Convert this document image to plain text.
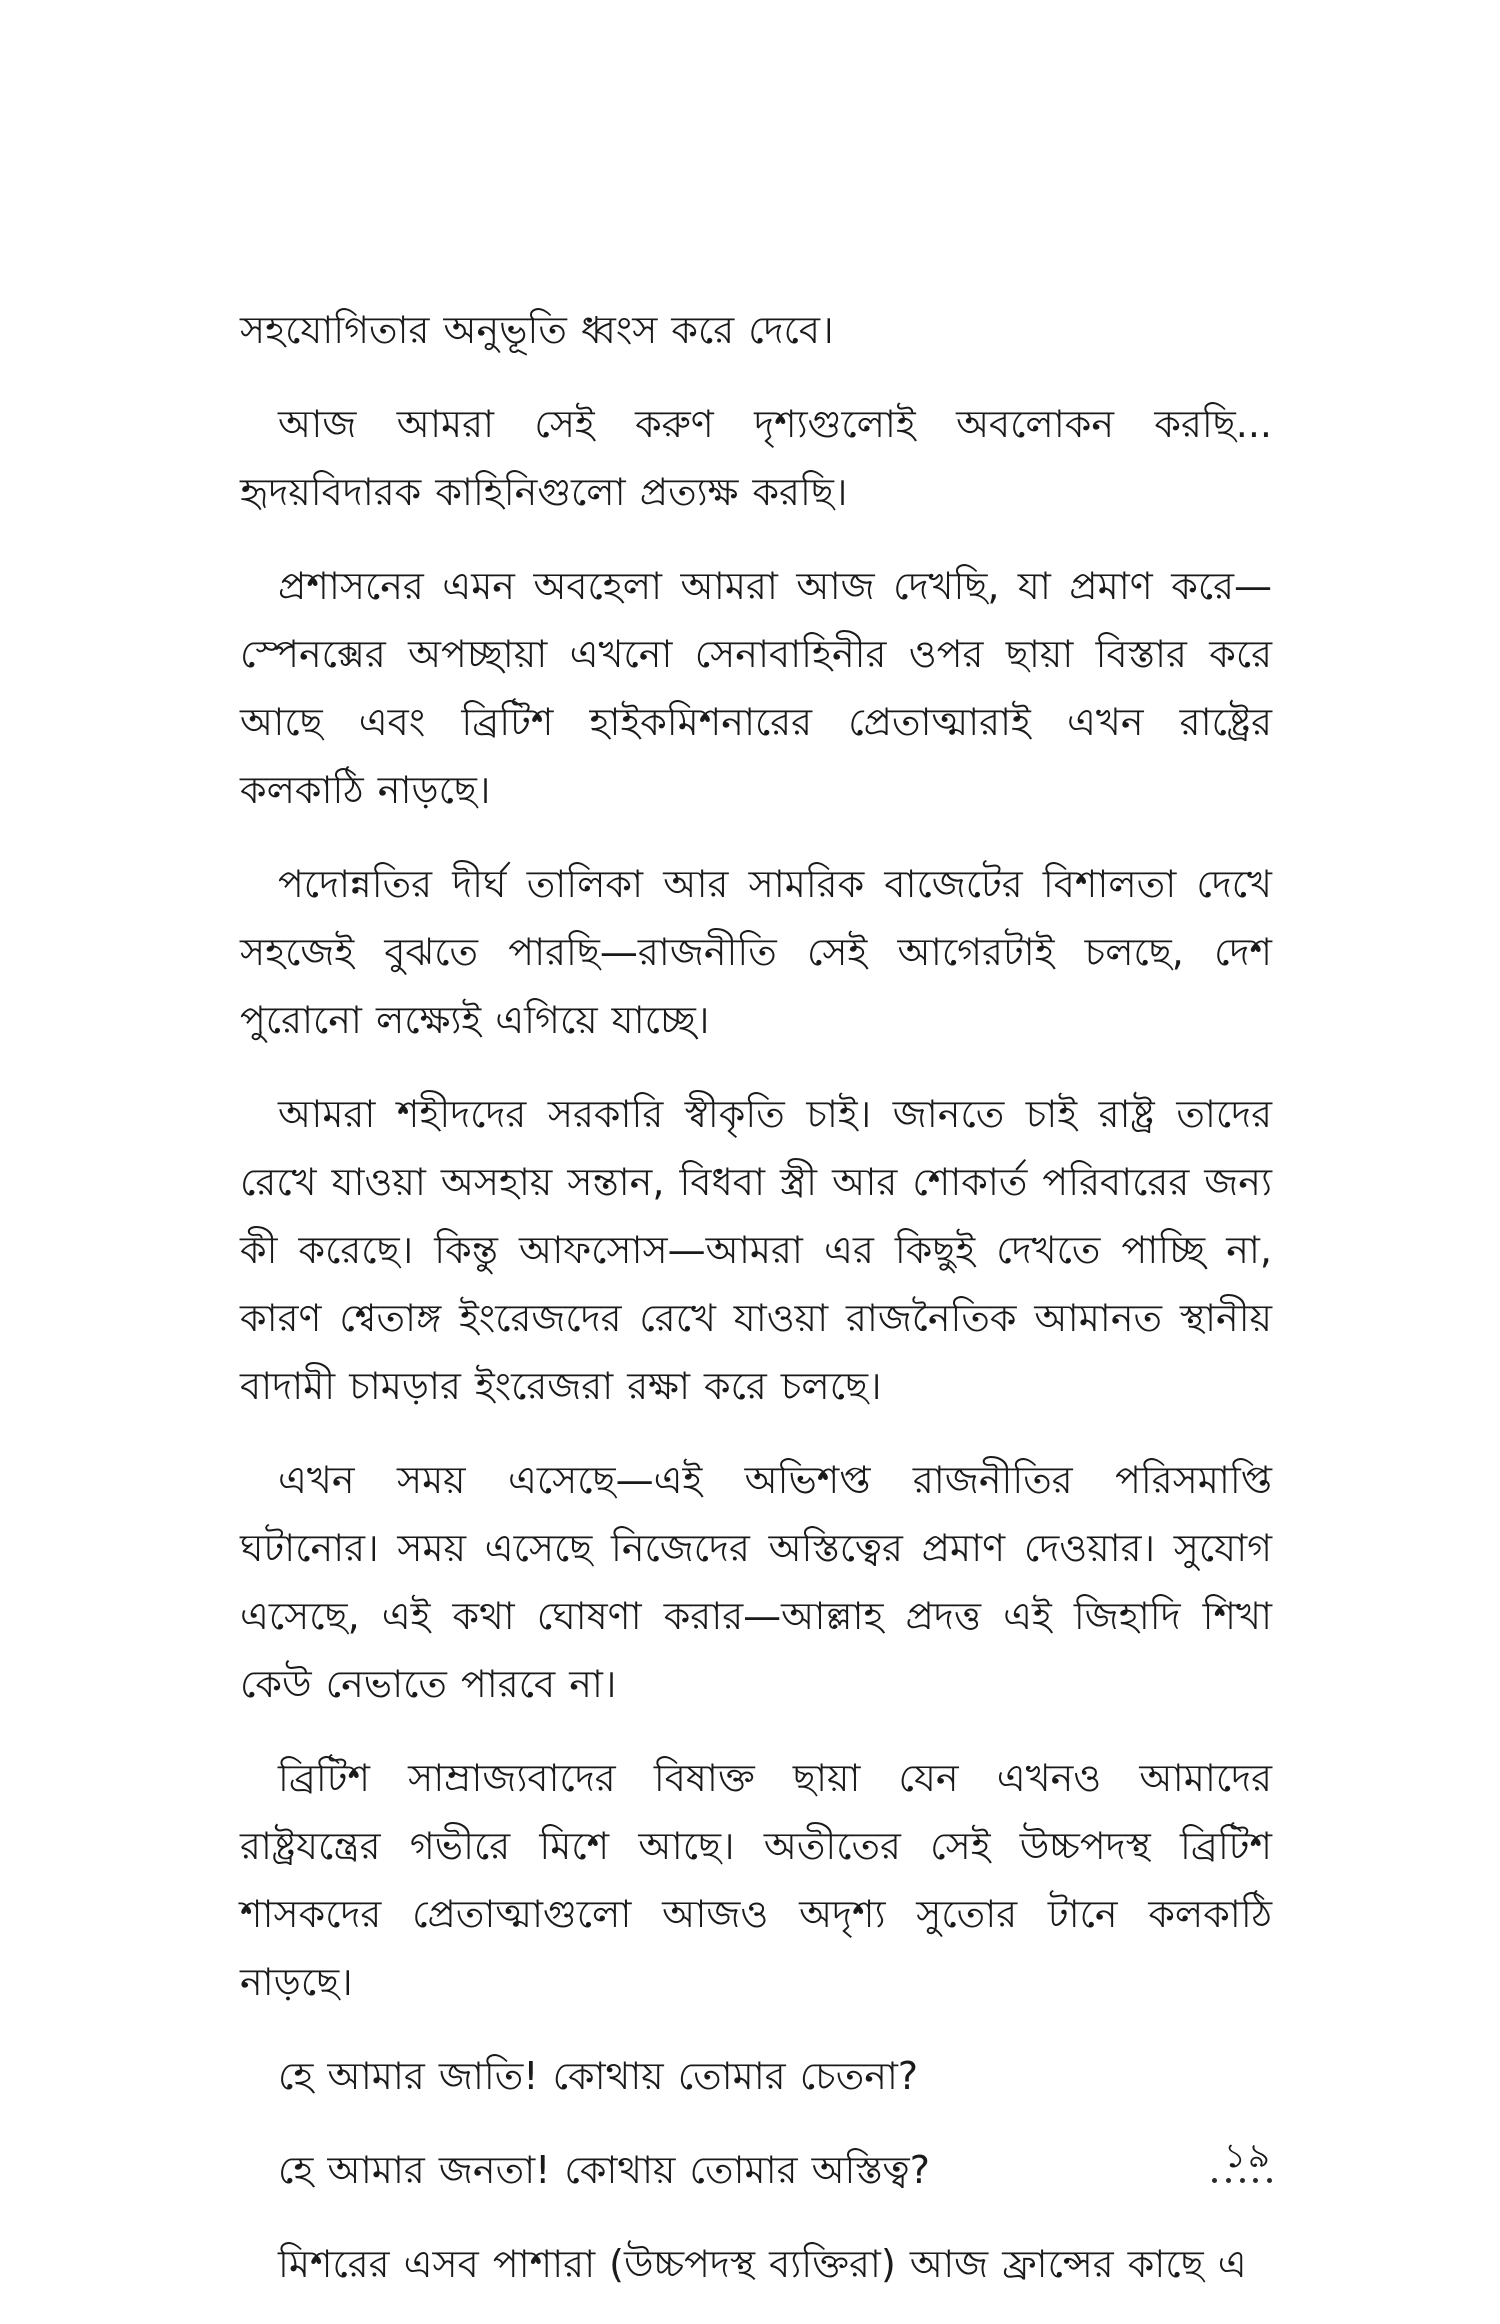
সহযোগিতার অনুভূতি ধ্বংস করে দেবে।

আজ আমরা সেই করুণ দৃশ্যগুলোই অবলোকন করছি... হৃদয়বিদারক কাহিনিগুলো প্রত্যক্ষ করছি।

প্রশাসনের এমন অবহেলা আমরা আজ দেখছি, যা প্রমাণ করে—স্পেনক্সের অপচ্ছায়া এখনো সেনাবাহিনীর ওপর ছায়া বিস্তার করে আছে এবং ব্রিটিশ হাইকমিশনারের প্রেতাত্মারাই এখন রাষ্ট্রের কলকাঠি নাড়ছে।

পদোন্নতির দীর্ঘ তালিকা আর সামরিক বাজেটের বিশালতা দেখে সহজেই বুঝতে পারছি—রাজনীতি সেই আগেরটাই চলছে, দেশ পুরোনো লক্ষ্যেই এগিয়ে যাচ্ছে।

আমরা শহীদদের সরকারি স্বীকৃতি চাই। জানতে চাই রাষ্ট্র তাদের রেখে যাওয়া অসহায় সন্তান, বিধবা স্ত্রী আর শোকার্ত পরিবারের জন্য কী করেছে। কিন্তু আফসোস—আমরা এর কিছুই দেখতে পাচ্ছি না, কারণ শ্বেতাঙ্গ ইংরেজদের রেখে যাওয়া রাজনৈতিক আমানত স্থানীয় বাদামী চামড়ার ইংরেজরা রক্ষা করে চলছে।

এখন সময় এসেছে—এই অভিশপ্ত রাজনীতির পরিসমাপ্তি ঘটানোর। সময় এসেছে নিজেদের অস্তিত্বের প্রমাণ দেওয়ার। সুযোগ এসেছে, এই কথা ঘোষণা করার—আল্লাহ প্রদত্ত এই জিহাদি শিখা কেউ নেভাতে পারবে না।

ব্রিটিশ সাম্রাজ্যবাদের বিষাক্ত ছায়া যেন এখনও আমাদের রাষ্ট্রযন্ত্রের গভীরে মিশে আছে। অতীতের সেই উচ্চপদস্থ ব্রিটিশ শাসকদের প্রেতাত্মাগুলো আজও অদৃশ্য সুতোর টানে কলকাঠি নাড়ছে।

হে আমার জাতি! কোথায় তোমার চেতনা?

হে আমার জনতা! কোথায় তোমার অস্তিত্ব?

মিশরের এসব পাশারা (উচ্চপদস্থ ব্যক্তিরা) আজ ফ্রান্সের কাছে এ

১৯
